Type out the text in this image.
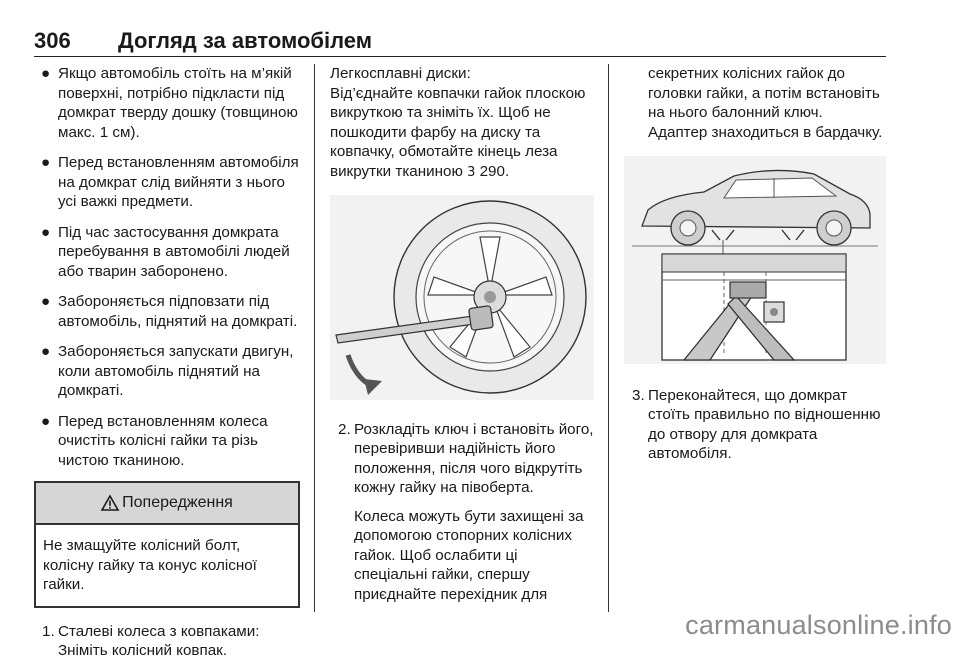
306 Догляд за автомобілем
● Якщо автомобіль стоїть на м’якій поверхні, потрібно підкласти під домкрат тверду дошку (товщиною макс. 1 см).
● Перед встановленням автомобіля на домкрат слід вийняти з нього усі важкі предмети.
● Під час застосування домкрата перебування в автомобілі людей або тварин заборонено.
● Забороняється підповзати під автомобіль, піднятий на домкраті.
● Забороняється запускати двигун, коли автомобіль піднятий на домкраті.
● Перед встановленням колеса очистіть колісні гайки та різь чистою тканиною.
Попередження
Не змащуйте колісний болт, колісну гайку та конус колісної гайки.
1. Сталеві колеса з ковпаками: Зніміть колісний ковпак.
Легкосплавні диски:
Від’єднайте ковпачки гайок плоскою викруткою та зніміть їх. Щоб не пошкодити фарбу на диску та ковпачку, обмотайте кінець леза викрутки тканиною 3 290.
2. Розкладіть ключ і встановіть його, перевіривши надійність його положення, після чого відкрутіть кожну гайку на півоберта.
Колеса можуть бути захищені за допомогою стопорних колісних гайок. Щоб ослабити ці спеціальні гайки, спершу приєднайте перехідник для
секретних колісних гайок до головки гайки, а потім встановіть на нього балонний ключ. Адаптер знаходиться в бардачку.
3. Переконайтеся, що домкрат стоїть правильно по відношенню до отвору для домкрата автомобіля.
carmanualsonline.info
